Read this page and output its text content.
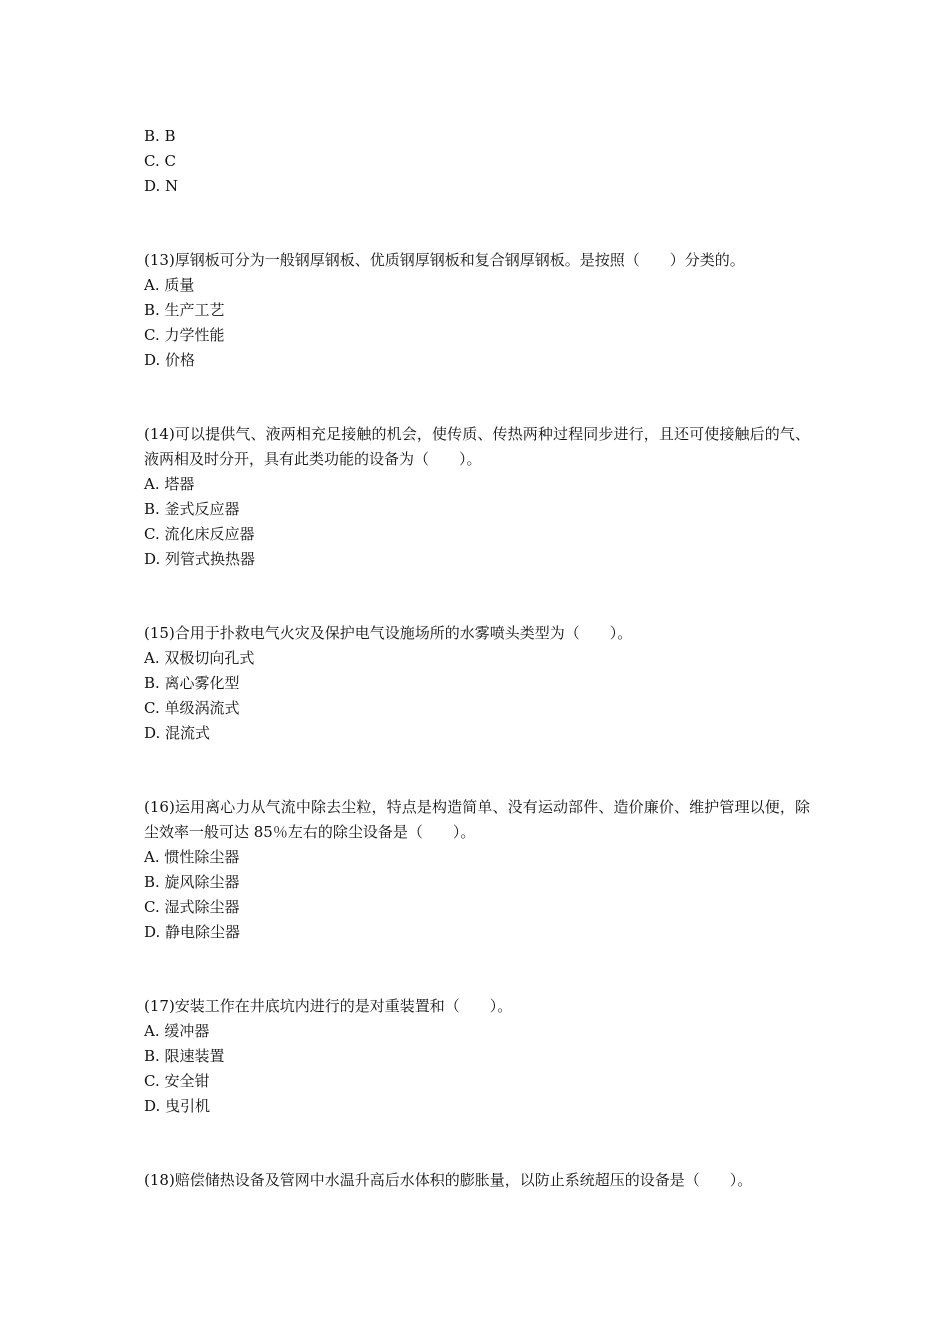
B. B
C. C
D. N
(13)厚钢板可分为一般钢厚钢板、优质钢厚钢板和复合钢厚钢板。是按照（　　）分类的。
A. 质量
B. 生产工艺
C. 力学性能
D. 价格
(14)可以提供气、液两相充足接触的机会，使传质、传热两种过程同步进行，且还可使接触后的气、液两相及时分开，具有此类功能的设备为（　　）。
A. 塔器
B. 釜式反应器
C. 流化床反应器
D. 列管式换热器
(15)合用于扑救电气火灾及保护电气设施场所的水雾喷头类型为（　　）。
A. 双极切向孔式
B. 离心雾化型
C. 单级涡流式
D. 混流式
(16)运用离心力从气流中除去尘粒，特点是构造简单、没有运动部件、造价廉价、维护管理以便，除尘效率一般可达 85％左右的除尘设备是（　　）。
A. 惯性除尘器
B. 旋风除尘器
C. 湿式除尘器
D. 静电除尘器
(17)安装工作在井底坑内进行的是对重装置和（　　）。
A. 缓冲器
B. 限速装置
C. 安全钳
D. 曳引机
(18)赔偿储热设备及管网中水温升高后水体积的膨胀量，以防止系统超压的设备是（　　）。
